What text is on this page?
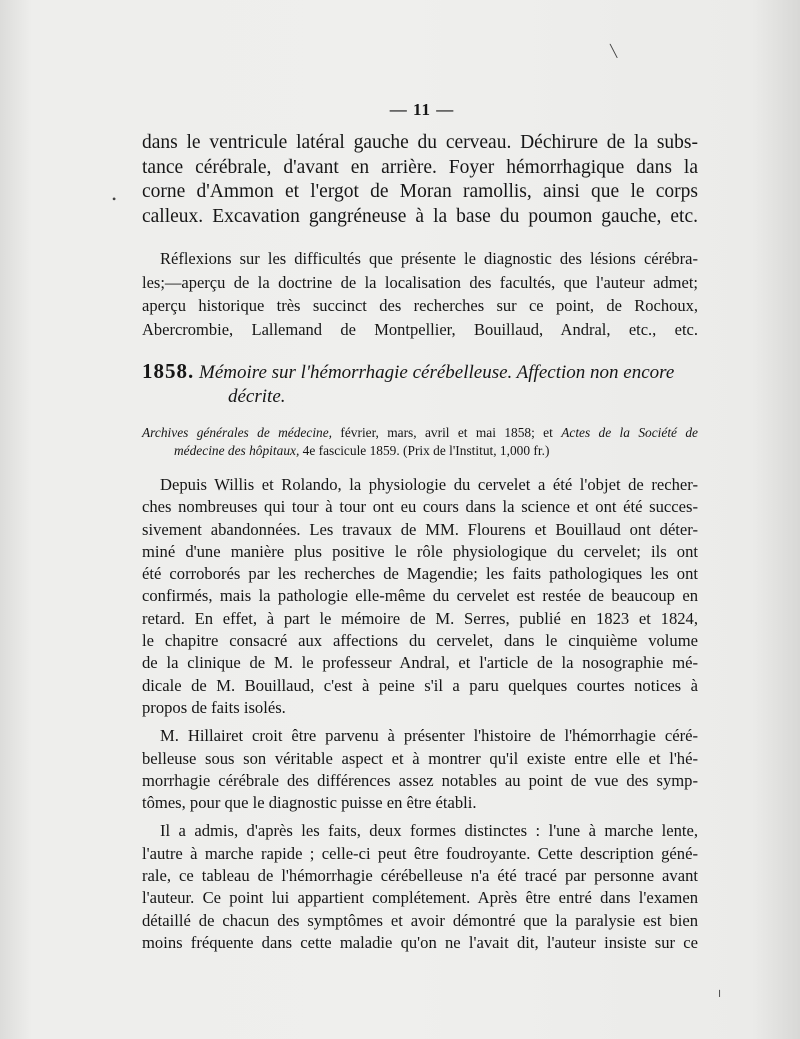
— 11 —
dans le ventricule latéral gauche du cerveau. Déchirure de la subs-
tance cérébrale, d'avant en arrière. Foyer hémorrhagique dans la
corne d'Ammon et l'ergot de Moran ramollis, ainsi que le corps
calleux. Excavation gangréneuse à la base du poumon gauche, etc.
Réflexions sur les difficultés que présente le diagnostic des lésions cérébra-
les;—aperçu de la doctrine de la localisation des facultés, que l'auteur admet;
aperçu historique très succinct des recherches sur ce point, de Rochoux,
Abercrombie, Lallemand de Montpellier, Bouillaud, Andral, etc., etc.
1858. Mémoire sur l'hémorrhagie cérébelleuse. Affection non encore
décrite.
Archives générales de médecine, février, mars, avril et mai 1858; et Actes de la Société de
médecine des hôpitaux, 4e fascicule 1859. (Prix de l'Institut, 1,000 fr.)
Depuis Willis et Rolando, la physiologie du cervelet a été l'objet de recher-
ches nombreuses qui tour à tour ont eu cours dans la science et ont été succes-
sivement abandonnées. Les travaux de MM. Flourens et Bouillaud ont déter-
miné d'une manière plus positive le rôle physiologique du cervelet; ils ont
été corroborés par les recherches de Magendie; les faits pathologiques les ont
confirmés, mais la pathologie elle-même du cervelet est restée de beaucoup en
retard. En effet, à part le mémoire de M. Serres, publié en 1823 et 1824,
le chapitre consacré aux affections du cervelet, dans le cinquième volume
de la clinique de M. le professeur Andral, et l'article de la nosographie mé-
dicale de M. Bouillaud, c'est à peine s'il a paru quelques courtes notices à
propos de faits isolés.
M. Hillairet croit être parvenu à présenter l'histoire de l'hémorrhagie céré-
belleuse sous son véritable aspect et à montrer qu'il existe entre elle et l'hé-
morrhagie cérébrale des différences assez notables au point de vue des symp-
tômes, pour que le diagnostic puisse en être établi.
Il a admis, d'après les faits, deux formes distinctes : l'une à marche lente,
l'autre à marche rapide ; celle-ci peut être foudroyante. Cette description géné-
rale, ce tableau de l'hémorrhagie cérébelleuse n'a été tracé par personne avant
l'auteur. Ce point lui appartient complétement. Après être entré dans l'examen
détaillé de chacun des symptômes et avoir démontré que la paralysie est bien
moins fréquente dans cette maladie qu'on ne l'avait dit, l'auteur insiste sur ce
•
╲
╵
